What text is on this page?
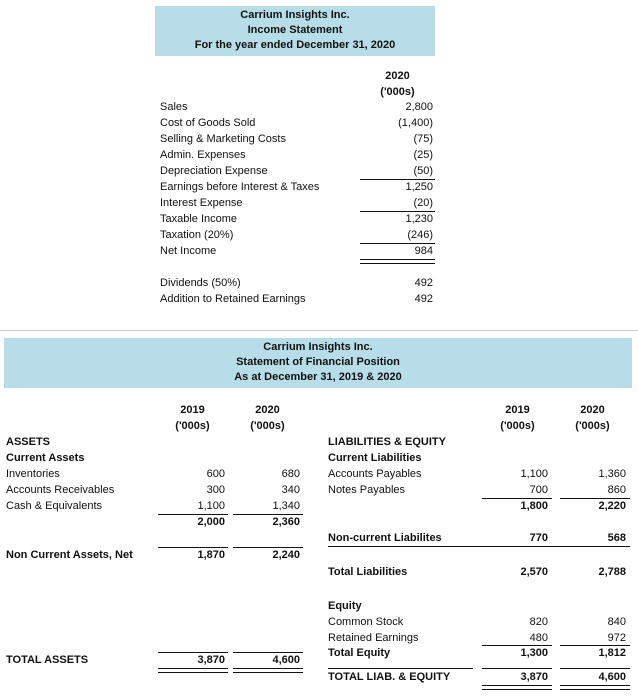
Carrium Insights Inc.
Income Statement
For the year ended December 31, 2020
2020
('000s)
Sales	2,800
Cost of Goods Sold	(1,400)
Selling & Marketing Costs	(75)
Admin. Expenses	(25)
Depreciation Expense	(50)
Earnings before Interest & Taxes	1,250
Interest Expense	(20)
Taxable Income	1,230
Taxation (20%)	(246)
Net Income	984
Dividends (50%)	492
Addition to Retained Earnings	492
Carrium Insights Inc.
Statement of Financial Position
As at December 31, 2019 & 2020
2019
('000s)
2020
('000s)
2019
('000s)
2020
('000s)
ASSETS
Current Assets
Inventories	600	680
Accounts Receivables	300	340
Cash & Equivalents	1,100	1,340
2,000	2,360
Non Current Assets, Net	1,870	2,240
TOTAL ASSETS	3,870	4,600
LIABILITIES & EQUITY
Current Liabilities
Accounts Payables	1,100	1,360
Notes Payables	700	860
1,800	2,220
Non-current Liabilites	770	568
Total Liabilities	2,570	2,788
Equity
Common Stock	820	840
Retained Earnings	480	972
Total Equity	1,300	1,812
TOTAL LIAB. & EQUITY	3,870	4,600
